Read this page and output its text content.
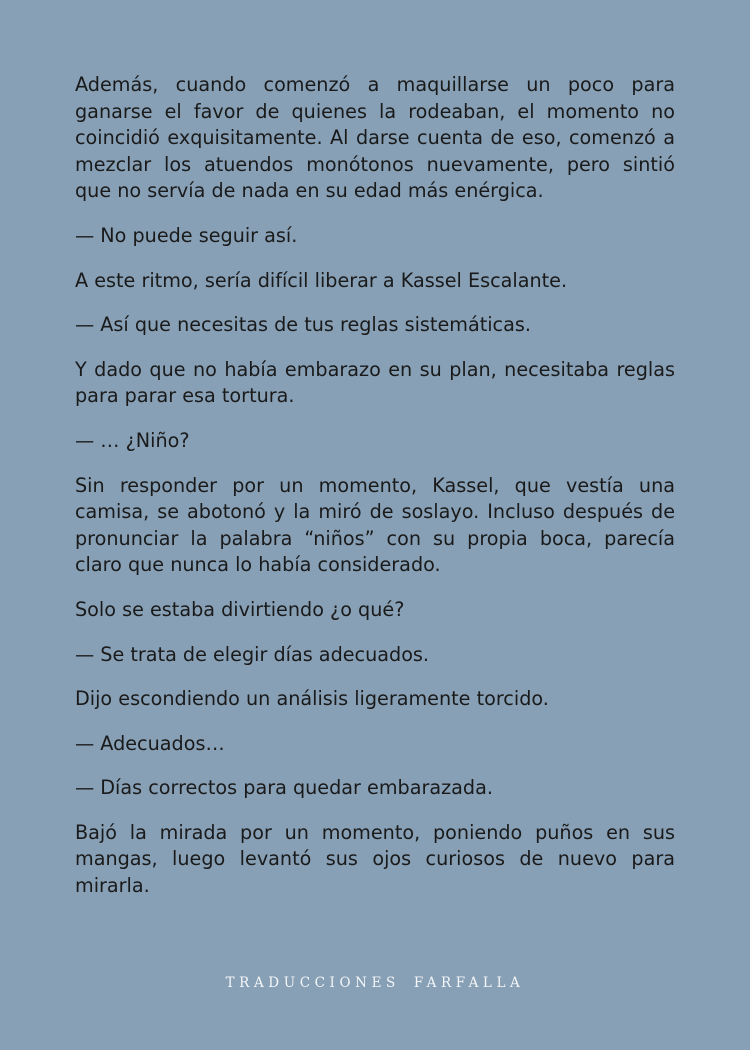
Además, cuando comenzó a maquillarse un poco para ganarse el favor de quienes la rodeaban, el momento no coincidió exquisitamente. Al darse cuenta de eso, comenzó a mezclar los atuendos monótonos nuevamente, pero sintió que no servía de nada en su edad más enérgica.

— No puede seguir así.

A este ritmo, sería difícil liberar a Kassel Escalante.

— Así que necesitas de tus reglas sistemáticas.

Y dado que no había embarazo en su plan, necesitaba reglas para parar esa tortura.

— … ¿Niño?

Sin responder por un momento, Kassel, que vestía una camisa, se abotonó y la miró de soslayo. Incluso después de pronunciar la palabra “niños” con su propia boca, parecía claro que nunca lo había considerado.

Solo se estaba divirtiendo ¿o qué?

— Se trata de elegir días adecuados.

Dijo escondiendo un análisis ligeramente torcido.

— Adecuados…

— Días correctos para quedar embarazada.

Bajó la mirada por un momento, poniendo puños en sus mangas, luego levantó sus ojos curiosos de nuevo para mirarla.

TRADUCCIONES FARFALLA
